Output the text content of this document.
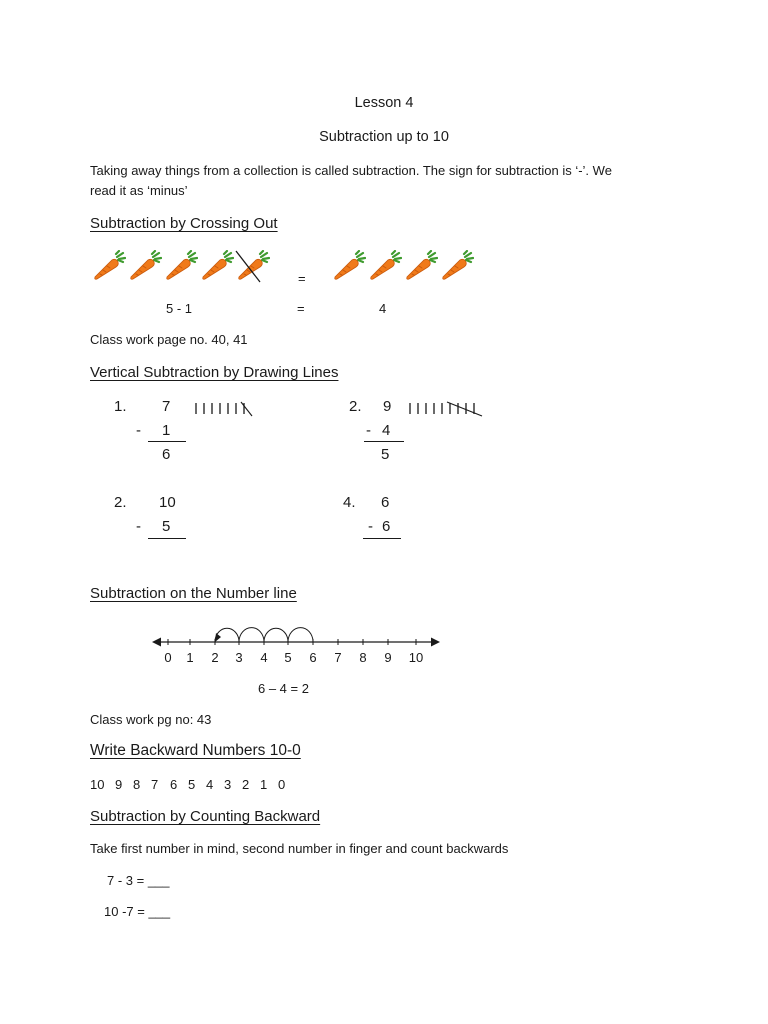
Lesson 4
Subtraction up to 10
Taking away things from a collection is called subtraction. The sign for subtraction is ‘-’. We
read it as ‘minus’
Subtraction by Crossing Out
=
5 - 1	=	4
Class work page no. 40, 41
Vertical Subtraction by Drawing Lines
1. 7
- 1
6
2. 9
- 4
5
2. 10
- 5
4. 6
- 6
Subtraction on the Number line
0 1 2 3 4 5 6 7 8 9 10
6 – 4 = 2
Class work pg no: 43
Write Backward Numbers 10-0
10 9 8 7 6 5 4 3 2 1 0
Subtraction by Counting Backward
Take first number in mind, second number in finger and count backwards
7 - 3 = ___
10 -7 = ___
